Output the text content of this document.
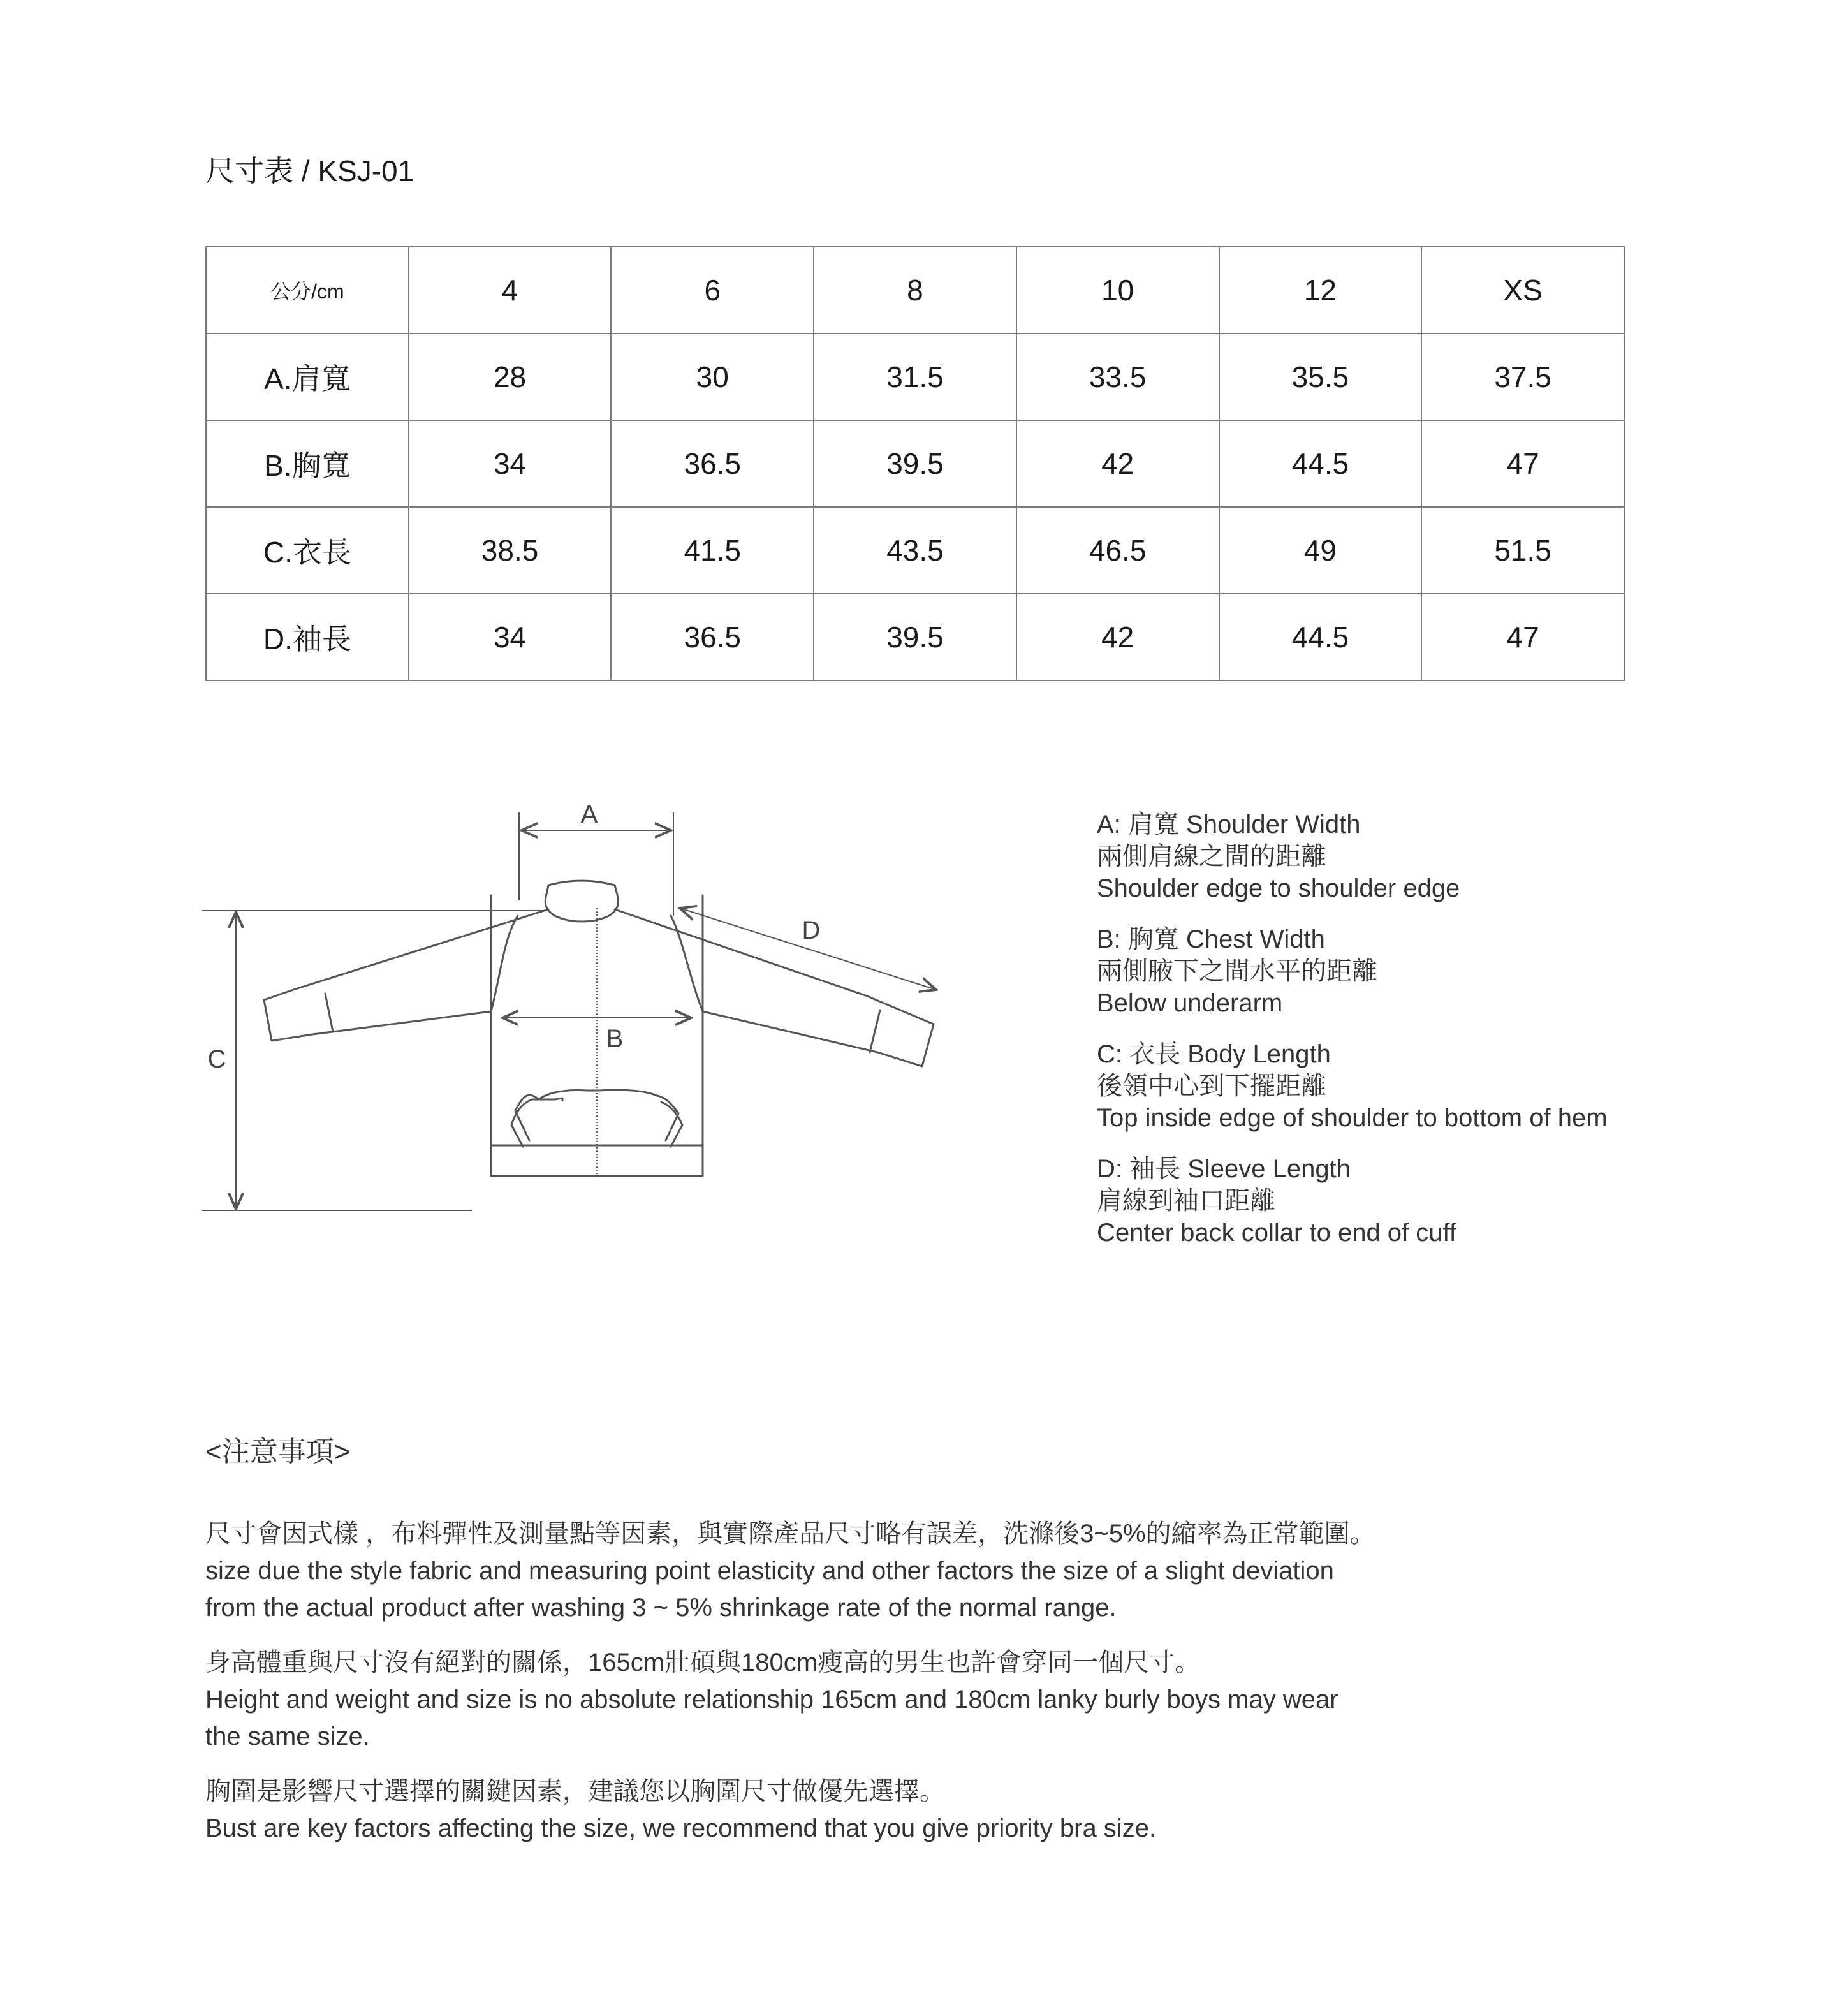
尺寸表 / KSJ-01
公分/cm	4	6	8	10	12	XS
A.肩寬	28	30	31.5	33.5	35.5	37.5
B.胸寬	34	36.5	39.5	42	44.5	47
C.衣長	38.5	41.5	43.5	46.5	49	51.5
D.袖長	34	36.5	39.5	42	44.5	47
A
B
C
D
A: 肩寬 Shoulder Width
兩側肩線之間的距離
Shoulder edge to shoulder edge
B: 胸寬 Chest Width
兩側腋下之間水平的距離
Below underarm
C: 衣長 Body Length
後領中心到下擺距離
Top inside edge of shoulder to bottom of hem
D: 袖長 Sleeve Length
肩線到袖口距離
Center back collar to end of cuff
<注意事項>
尺寸會因式樣 ，布料彈性及測量點等因素，與實際產品尺寸略有誤差，洗滌後3~5%的縮率為正常範圍。
size due the style fabric and measuring point elasticity and other factors the size of a slight deviation
from the actual product after washing 3 ~ 5% shrinkage rate of the normal range.
身高體重與尺寸沒有絕對的關係，165cm壯碩與180cm瘦高的男生也許會穿同一個尺寸。
Height and weight and size is no absolute relationship 165cm and 180cm lanky burly boys may wear
the same size.
胸圍是影響尺寸選擇的關鍵因素，建議您以胸圍尺寸做優先選擇。
Bust are key factors affecting the size, we recommend that you give priority bra size.
